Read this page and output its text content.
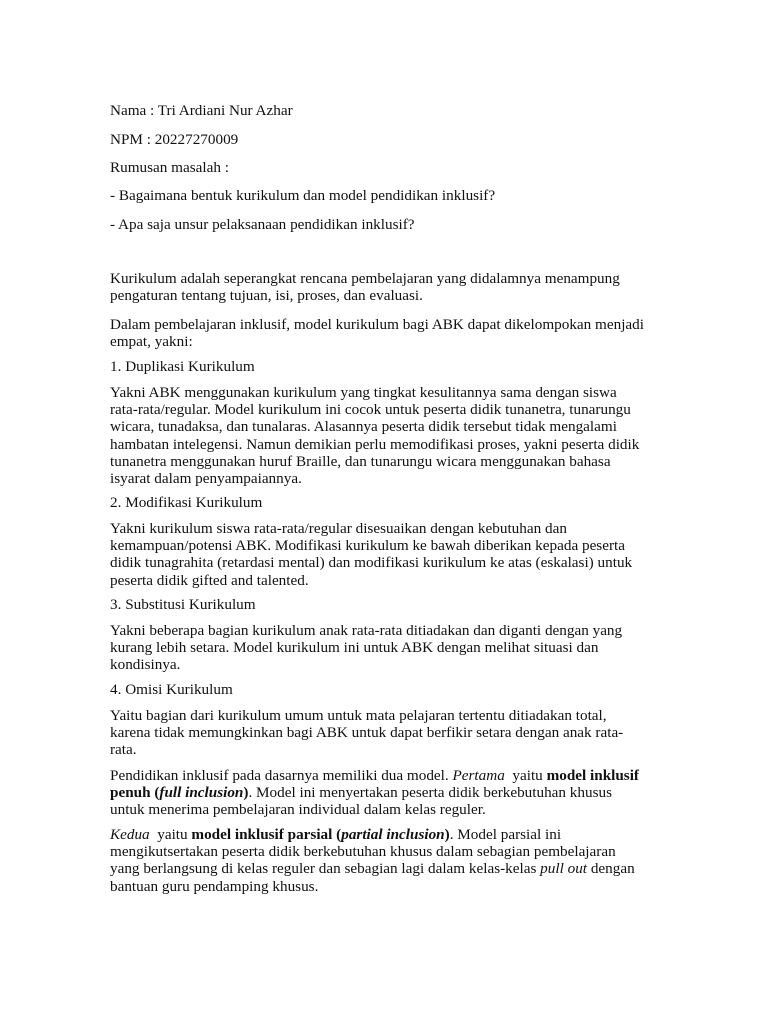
Nama : Tri Ardiani Nur Azhar
NPM : 20227270009
Rumusan masalah :
- Bagaimana bentuk kurikulum dan model pendidikan inklusif?
- Apa saja unsur pelaksanaan pendidikan inklusif?
Kurikulum adalah seperangkat rencana pembelajaran yang didalamnya menampung
pengaturan tentang tujuan, isi, proses, dan evaluasi.
Dalam pembelajaran inklusif, model kurikulum bagi ABK dapat dikelompokan menjadi
empat, yakni:
1. Duplikasi Kurikulum
Yakni ABK menggunakan kurikulum yang tingkat kesulitannya sama dengan siswa
rata-rata/regular. Model kurikulum ini cocok untuk peserta didik tunanetra, tunarungu
wicara, tunadaksa, dan tunalaras. Alasannya peserta didik tersebut tidak mengalami
hambatan intelegensi. Namun demikian perlu memodifikasi proses, yakni peserta didik
tunanetra menggunakan huruf Braille, dan tunarungu wicara menggunakan bahasa
isyarat dalam penyampaiannya.
2. Modifikasi Kurikulum
Yakni kurikulum siswa rata-rata/regular disesuaikan dengan kebutuhan dan
kemampuan/potensi ABK. Modifikasi kurikulum ke bawah diberikan kepada peserta
didik tunagrahita (retardasi mental) dan modifikasi kurikulum ke atas (eskalasi) untuk
peserta didik gifted and talented.
3. Substitusi Kurikulum
Yakni beberapa bagian kurikulum anak rata-rata ditiadakan dan diganti dengan yang
kurang lebih setara. Model kurikulum ini untuk ABK dengan melihat situasi dan
kondisinya.
4. Omisi Kurikulum
Yaitu bagian dari kurikulum umum untuk mata pelajaran tertentu ditiadakan total,
karena tidak memungkinkan bagi ABK untuk dapat berfikir setara dengan anak rata-
rata.
Pendidikan inklusif pada dasarnya memiliki dua model. Pertama  yaitu model inklusif
penuh (full inclusion). Model ini menyertakan peserta didik berkebutuhan khusus
untuk menerima pembelajaran individual dalam kelas reguler.
Kedua  yaitu model inklusif parsial (partial inclusion). Model parsial ini
mengikutsertakan peserta didik berkebutuhan khusus dalam sebagian pembelajaran
yang berlangsung di kelas reguler dan sebagian lagi dalam kelas-kelas pull out dengan
bantuan guru pendamping khusus.
